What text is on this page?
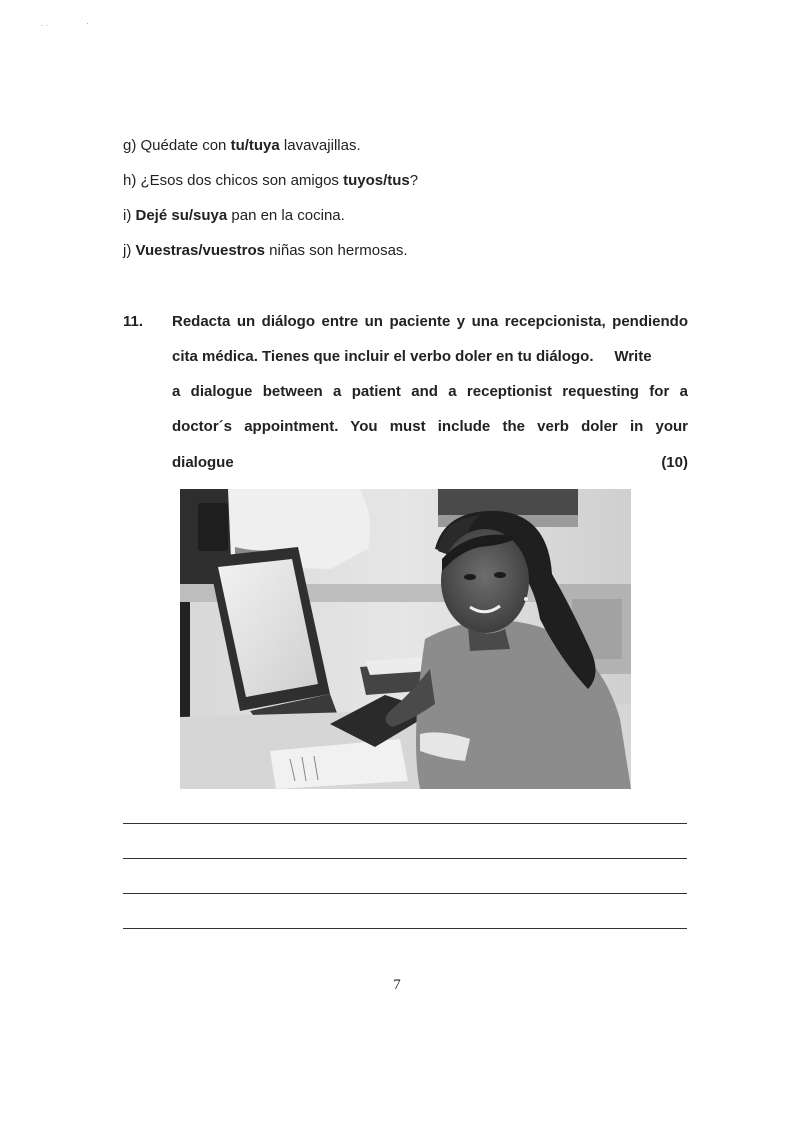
· ·	·
g) Quédate con tu/tuya lavavajillas.
h) ¿Esos dos chicos son amigos tuyos/tus?
i) Dejé su/suya pan en la cocina.
j) Vuestras/vuestros niñas son hermosas.
11. Redacta un diálogo entre un paciente y una recepcionista, pendiendo
cita médica. Tienes que incluir el verbo doler en tu diálogo.     Write
a dialogue between a patient and a receptionist requesting for a
doctor´s appointment. You must include the verb doler in your
dialogue	(10)
7
